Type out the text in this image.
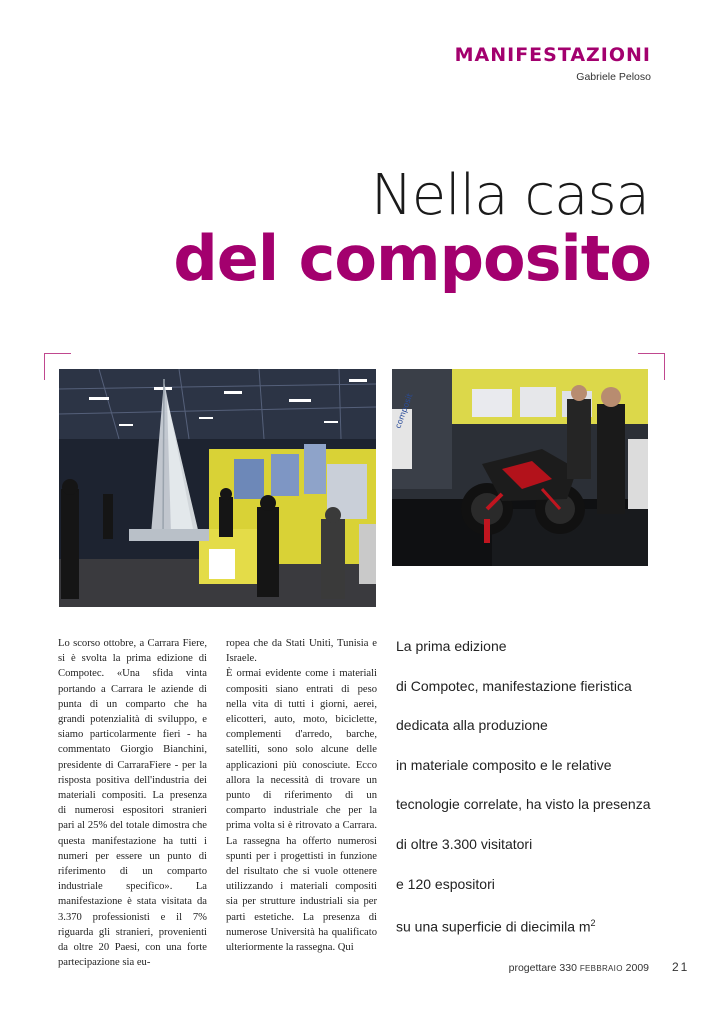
MANIFESTAZIONI
Gabriele Peloso
Nella casa
del composito
composit
Lo scorso ottobre, a Carrara Fiere, si è svolta la prima edizione di Compotec. «Una sfida vinta portando a Carrara le aziende di punta di un comparto che ha grandi potenzialità di sviluppo, e siamo particolarmente fieri - ha commentato Giorgio Bianchini, presidente di CarraraFiere - per la risposta positiva dell'industria dei materiali compositi. La presenza di numerosi espositori stranieri pari al 25% del totale dimostra che questa manifestazione ha tutti i numeri per essere un punto di riferimento di un comparto industriale specifico». La manifestazione è stata visitata da 3.370 professionisti e il 7% riguarda gli stranieri, provenienti da oltre 20 Paesi, con una forte partecipazione sia eu-
ropea che da Stati Uniti, Tunisia e Israele.
È ormai evidente come i materiali compositi siano entrati di peso nella vita di tutti i giorni, aerei, elicotteri, auto, moto, biciclette, complementi d'arredo, barche, satelliti, sono solo alcune delle applicazioni più conosciute. Ecco allora la necessità di trovare un punto di riferimento di un comparto industriale che per la prima volta si è ritrovato a Carrara. La rassegna ha offerto numerosi spunti per i progettisti in funzione del risultato che si vuole ottenere utilizzando i materiali compositi sia per strutture industriali sia per parti estetiche. La presenza di numerose Università ha qualificato ulteriormente la rassegna. Qui
La prima edizione
di Compotec, manifestazione fieristica
dedicata alla produzione
in materiale composito e le relative
tecnologie correlate, ha visto la presenza
di oltre 3.300 visitatori
e 120 espositori
su una superficie di diecimila $m^2$
progettare 330 FEBBRAIO 2009 21
